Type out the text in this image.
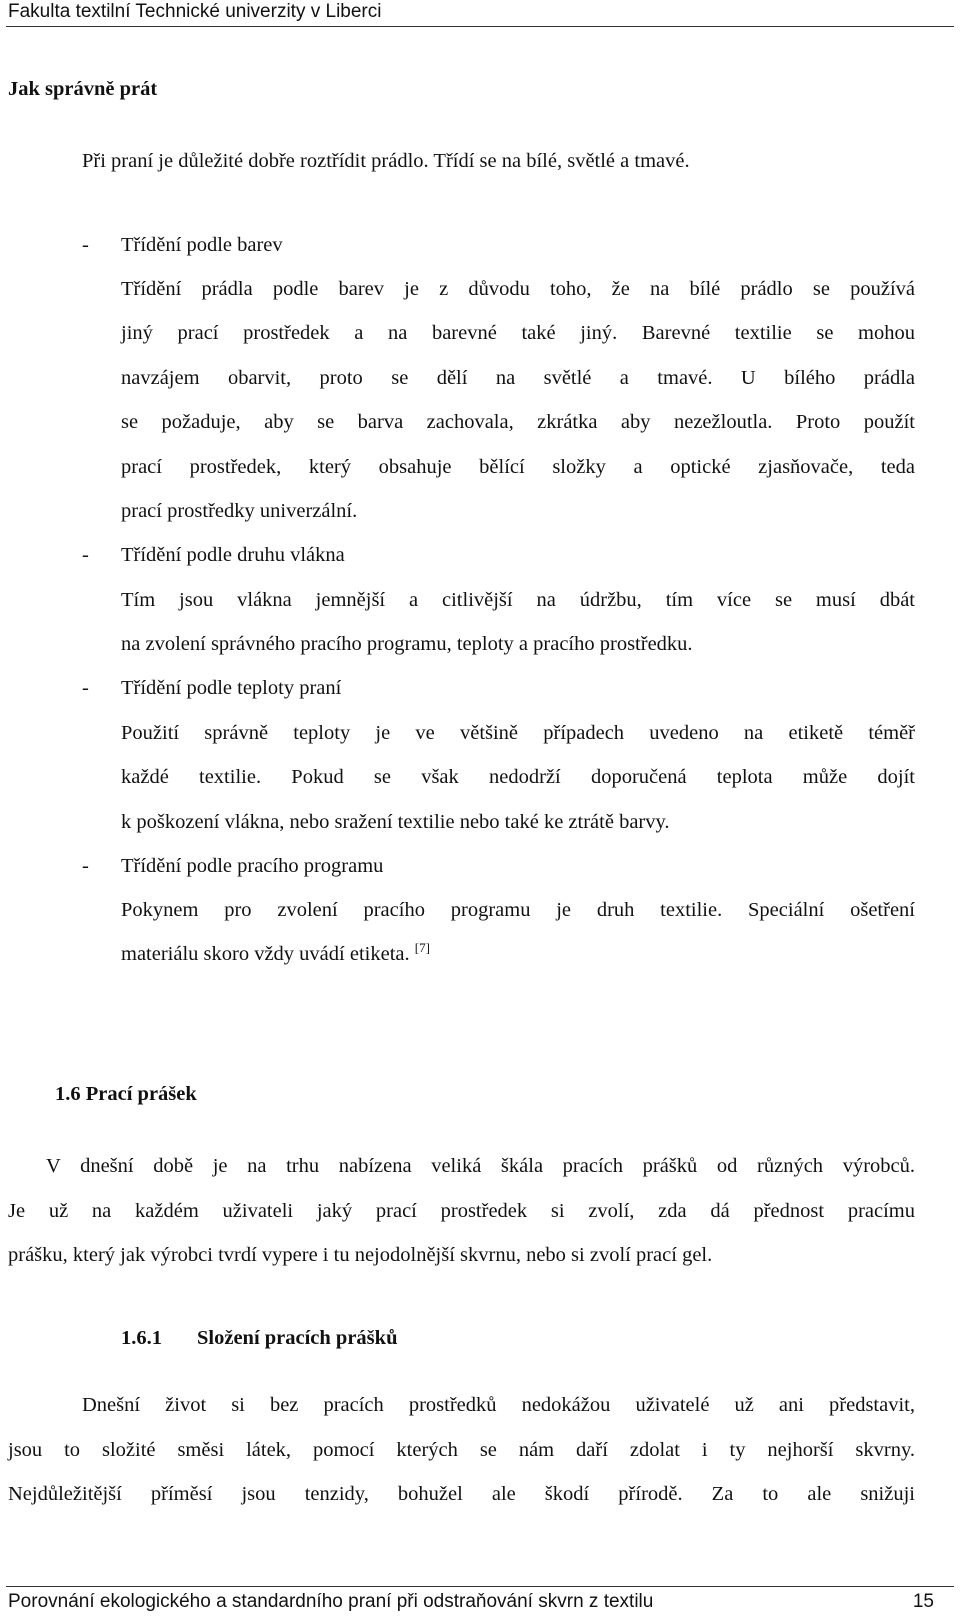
Fakulta textilní Technické univerzity v Liberci
Jak správně prát
Při praní je důležité dobře roztřídit prádlo. Třídí se na bílé, světlé a tmavé.
- Třídění podle barev
Třídění prádla podle barev je z důvodu toho, že na bílé prádlo se používá
jiný prací prostředek a na barevné také jiný. Barevné textilie se mohou
navzájem obarvit, proto se dělí na světlé a tmavé. U bílého prádla
se požaduje, aby se barva zachovala, zkrátka aby nezežloutla. Proto použít
prací prostředek, který obsahuje bělící složky a optické zjasňovače, teda
prací prostředky univerzální.
- Třídění podle druhu vlákna
Tím jsou vlákna jemnější a citlivější na údržbu, tím více se musí dbát
na zvolení správného pracího programu, teploty a pracího prostředku.
- Třídění podle teploty praní
Použití správně teploty je ve většině případech uvedeno na etiketě téměř
každé textilie. Pokud se však nedodrží doporučená teplota může dojít
k poškození vlákna, nebo sražení textilie nebo také ke ztrátě barvy.
- Třídění podle pracího programu
Pokynem pro zvolení pracího programu je druh textilie. Speciální ošetření
materiálu skoro vždy uvádí etiketa. [7]
1.6 Prací prášek
V dnešní době je na trhu nabízena veliká škála pracích prášků od různých výrobců.
Je už na každém uživateli jaký prací prostředek si zvolí, zda dá přednost pracímu
prášku, který jak výrobci tvrdí vypere i tu nejodolnější skvrnu, nebo si zvolí prací gel.
1.6.1 Složení pracích prášků
Dnešní život si bez pracích prostředků nedokážou uživatelé už ani představit,
jsou to složité směsi látek, pomocí kterých se nám daří zdolat i ty nejhorší skvrny.
Nejdůležitější příměsí jsou tenzidy, bohužel ale škodí přírodě. Za to ale snižuji
Porovnání ekologického a standardního praní při odstraňování skvrn z textilu	15
